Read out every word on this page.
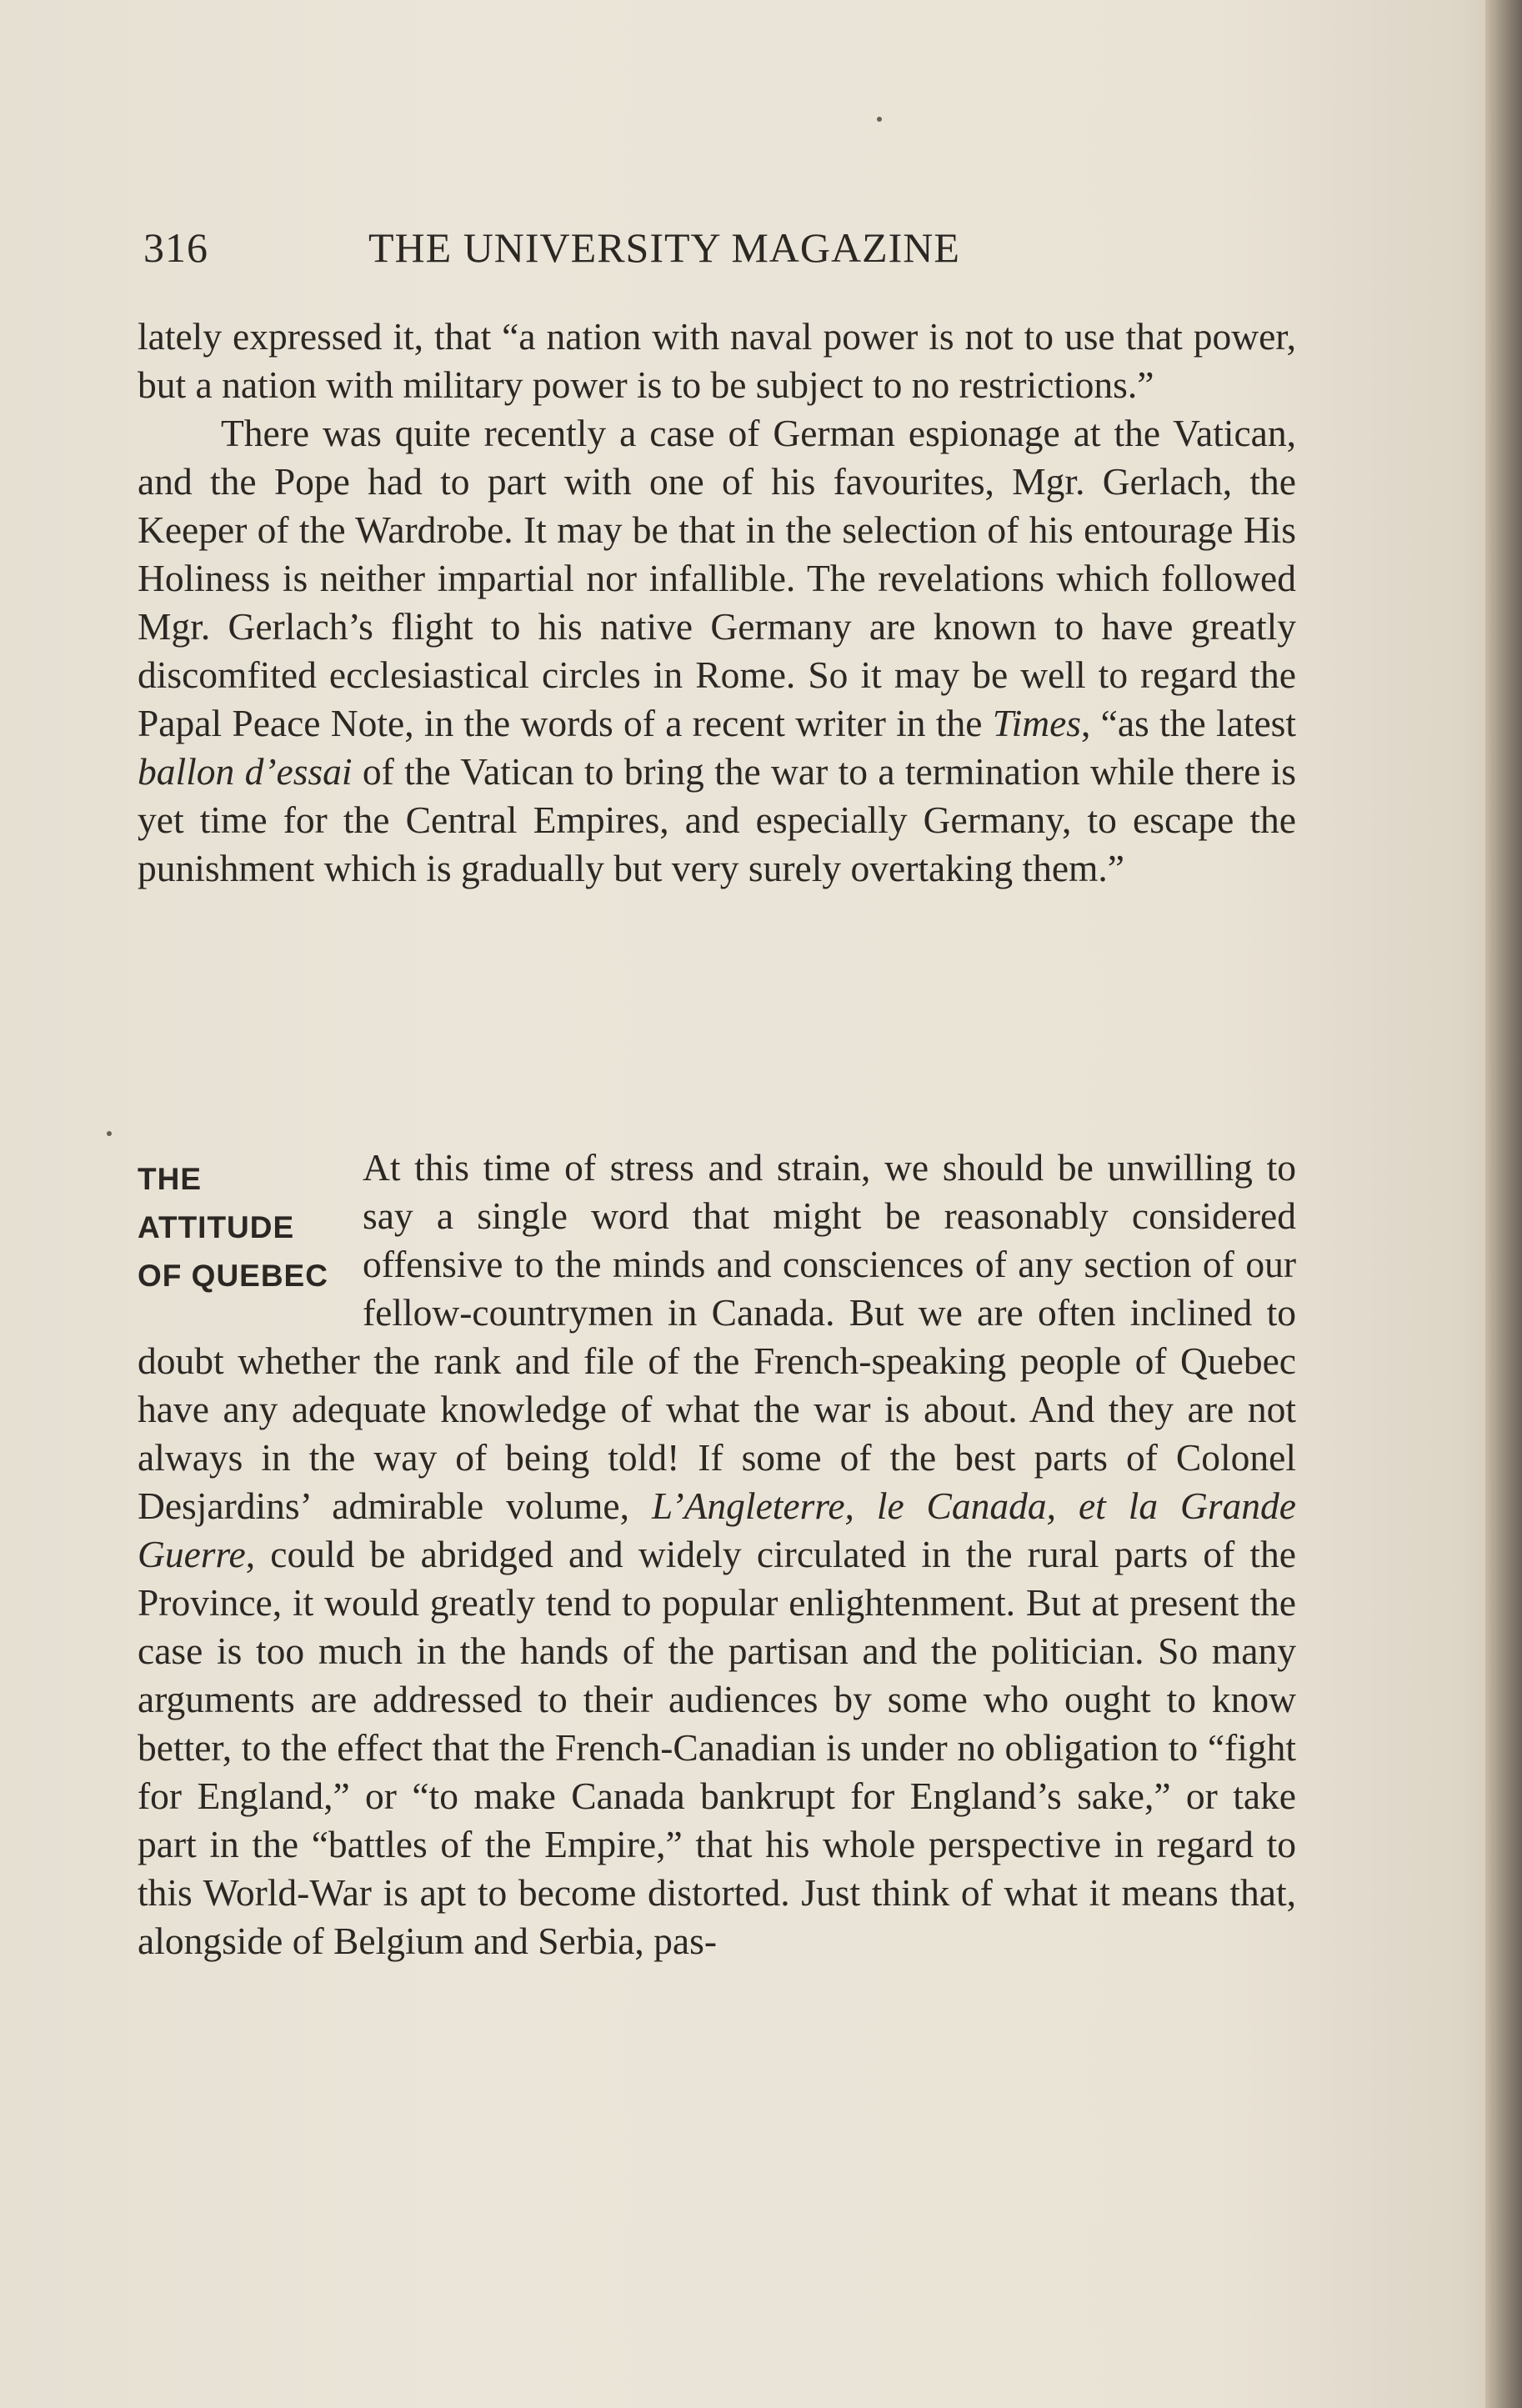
316	THE UNIVERSITY MAGAZINE

lately expressed it, that “a nation with naval power is not to use that power, but a nation with military power is to be subject to no restrictions.”

There was quite recently a case of German espionage at the Vatican, and the Pope had to part with one of his favourites, Mgr. Gerlach, the Keeper of the Wardrobe. It may be that in the selection of his entourage His Holiness is neither impartial nor infallible. The revelations which followed Mgr. Gerlach’s flight to his native Germany are known to have greatly discomfited ecclesiastical circles in Rome. So it may be well to regard the Papal Peace Note, in the words of a recent writer in the Times, “as the latest ballon d’essai of the Vatican to bring the war to a termination while there is yet time for the Central Empires, and especially Germany, to escape the punishment which is gradually but very surely overtaking them.”

THE
ATTITUDE
OF QUEBEC

At this time of stress and strain, we should be unwilling to say a single word that might be reasonably considered offensive to the minds and consciences of any section of our fellow-countrymen in Canada. But we are often inclined to doubt whether the rank and file of the French-speaking people of Quebec have any adequate knowledge of what the war is about. And they are not always in the way of being told! If some of the best parts of Colonel Desjardins’ admirable volume, L’Angleterre, le Canada, et la Grande Guerre, could be abridged and widely circulated in the rural parts of the Province, it would greatly tend to popular enlightenment. But at present the case is too much in the hands of the partisan and the politician. So many arguments are addressed to their audiences by some who ought to know better, to the effect that the French-Canadian is under no obligation to “fight for England,” or “to make Canada bankrupt for England’s sake,” or take part in the “battles of the Empire,” that his whole perspective in regard to this World-War is apt to become distorted. Just think of what it means that, alongside of Belgium and Serbia, pas-
